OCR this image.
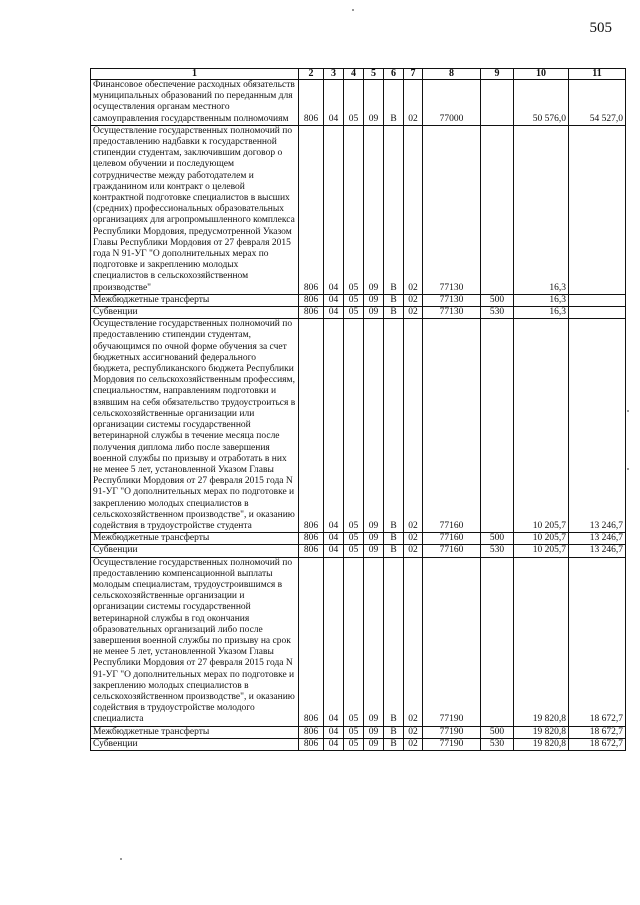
505
1	2	3	4	5	6	7	8	9	10	11
Финансовое обеспечение расходных обязательств муниципальных образований по переданным для осуществления органам местного самоуправления государственным полномочиям	806	04	05	09	В	02	77000		50 576,0	54 527,0
Осуществление государственных полномочий по предоставлению надбавки к государственной стипендии студентам, заключившим договор о целевом обучении и последующем сотрудничестве между работодателем и гражданином или контракт о целевой контрактной подготовке специалистов в высших (средних) профессиональных образовательных организациях для агропромышленного комплекса Республики Мордовия, предусмотренной Указом Главы Республики Мордовия от 27 февраля 2015 года N 91-УГ "О дополнительных мерах по подготовке и закреплению молодых специалистов в сельскохозяйственном производстве"	806	04	05	09	В	02	77130		16,3	
Межбюджетные трансферты	806	04	05	09	В	02	77130	500	16,3	
Субвенции	806	04	05	09	В	02	77130	530	16,3	
Осуществление государственных полномочий по предоставлению стипендии студентам, обучающимся по очной форме обучения за счет бюджетных ассигнований федерального бюджета, республиканского бюджета Республики Мордовия по сельскохозяйственным профессиям, специальностям, направлениям подготовки и взявшим на себя обязательство трудоустроиться в сельскохозяйственные организации или организации системы государственной ветеринарной службы в течение месяца после получения диплома либо после завершения военной службы по призыву и отработать в них не менее 5 лет, установленной Указом Главы Республики Мордовия от 27 февраля 2015 года N 91-УГ "О дополнительных мерах по подготовке и закреплению молодых специалистов в сельскохозяйственном производстве", и оказанию содействия в трудоустройстве студента	806	04	05	09	В	02	77160		10 205,7	13 246,7
Межбюджетные трансферты	806	04	05	09	В	02	77160	500	10 205,7	13 246,7
Субвенции	806	04	05	09	В	02	77160	530	10 205,7	13 246,7
Осуществление государственных полномочий по предоставлению компенсационной выплаты молодым специалистам, трудоустроившимся в сельскохозяйственные организации и организации системы государственной ветеринарной службы в год окончания образовательных организаций либо после завершения военной службы по призыву на срок не менее 5 лет, установленной Указом Главы Республики Мордовия от 27 февраля 2015 года N 91-УГ "О дополнительных мерах по подготовке и закреплению молодых специалистов в сельскохозяйственном производстве", и оказанию содействия в трудоустройстве молодого специалиста	806	04	05	09	В	02	77190		19 820,8	18 672,7
Межбюджетные трансферты	806	04	05	09	В	02	77190	500	19 820,8	18 672,7
Субвенции	806	04	05	09	В	02	77190	530	19 820,8	18 672,7
